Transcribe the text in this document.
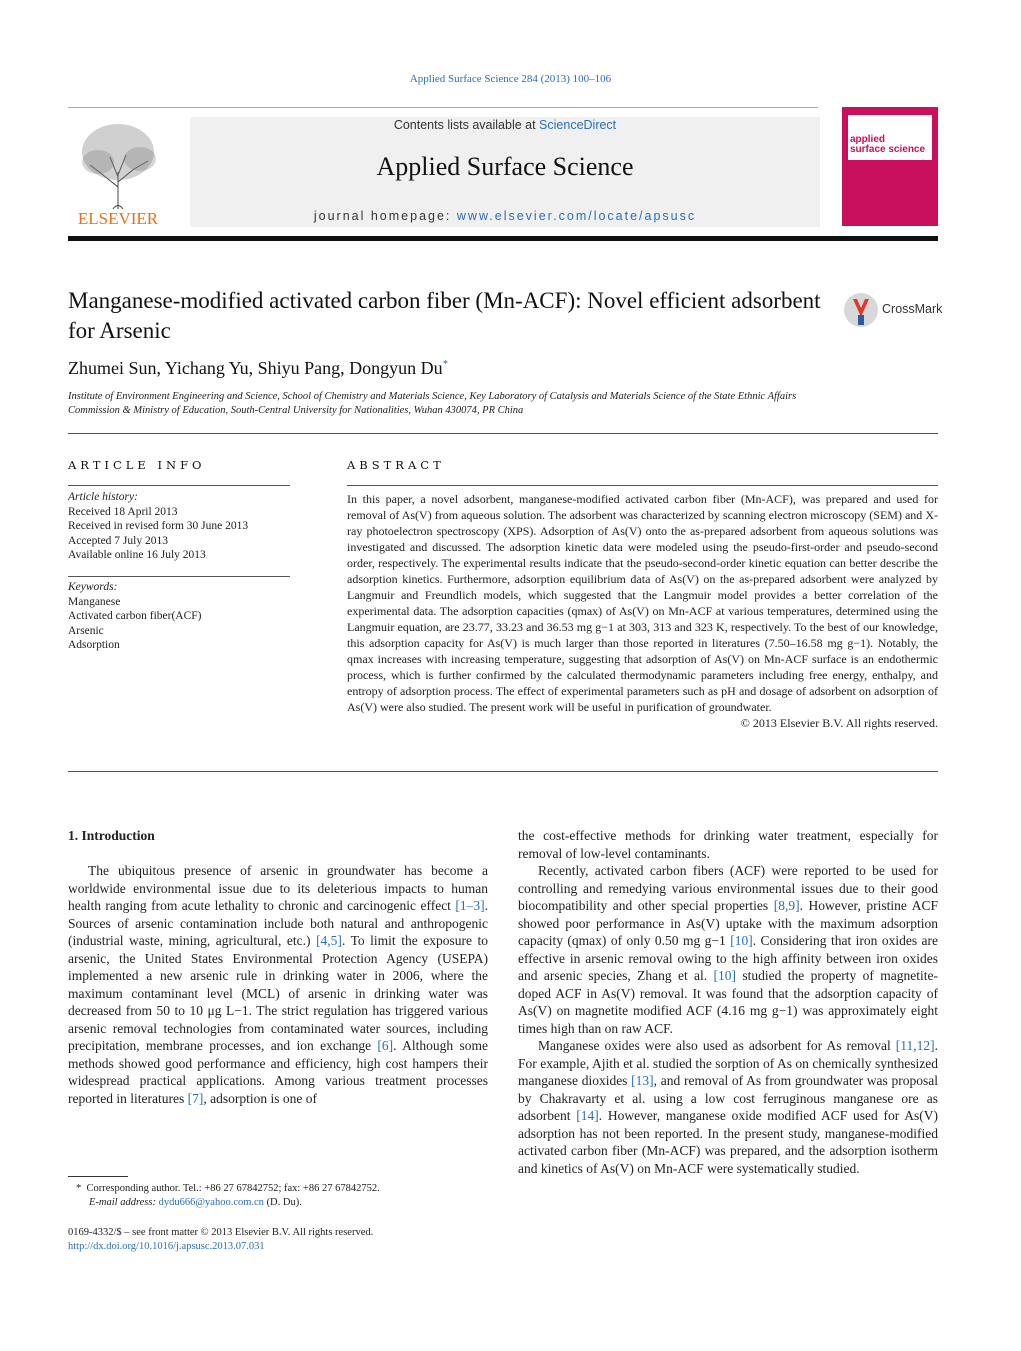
Applied Surface Science 284 (2013) 100–106
ELSEVIER
Contents lists available at ScienceDirect
Applied Surface Science
journal homepage: www.elsevier.com/locate/apsusc
applied
surface science
Manganese-modified activated carbon fiber (Mn-ACF): Novel efficient adsorbent for Arsenic
CrossMark
Zhumei Sun, Yichang Yu, Shiyu Pang, Dongyun Du*
Institute of Environment Engineering and Science, School of Chemistry and Materials Science, Key Laboratory of Catalysis and Materials Science of the State Ethnic Affairs Commission & Ministry of Education, South-Central University for Nationalities, Wuhan 430074, PR China
ARTICLE INFO
Article history:
Received 18 April 2013
Received in revised form 30 June 2013
Accepted 7 July 2013
Available online 16 July 2013
Keywords:
Manganese
Activated carbon fiber(ACF)
Arsenic
Adsorption
ABSTRACT
In this paper, a novel adsorbent, manganese-modified activated carbon fiber (Mn-ACF), was prepared and used for removal of As(V) from aqueous solution. The adsorbent was characterized by scanning electron microscopy (SEM) and X-ray photoelectron spectroscopy (XPS). Adsorption of As(V) onto the as-prepared adsorbent from aqueous solutions was investigated and discussed. The adsorption kinetic data were modeled using the pseudo-first-order and pseudo-second order, respectively. The experimental results indicate that the pseudo-second-order kinetic equation can better describe the adsorption kinetics. Furthermore, adsorption equilibrium data of As(V) on the as-prepared adsorbent were analyzed by Langmuir and Freundlich models, which suggested that the Langmuir model provides a better correlation of the experimental data. The adsorption capacities (qmax) of As(V) on Mn-ACF at various temperatures, determined using the Langmuir equation, are 23.77, 33.23 and 36.53 mg g−1 at 303, 313 and 323 K, respectively. To the best of our knowledge, this adsorption capacity for As(V) is much larger than those reported in literatures (7.50–16.58 mg g−1). Notably, the qmax increases with increasing temperature, suggesting that adsorption of As(V) on Mn-ACF surface is an endothermic process, which is further confirmed by the calculated thermodynamic parameters including free energy, enthalpy, and entropy of adsorption process. The effect of experimental parameters such as pH and dosage of adsorbent on adsorption of As(V) were also studied. The present work will be useful in purification of groundwater.
© 2013 Elsevier B.V. All rights reserved.
1. Introduction

The ubiquitous presence of arsenic in groundwater has become a worldwide environmental issue due to its deleterious impacts to human health ranging from acute lethality to chronic and carcinogenic effect [1–3]. Sources of arsenic contamination include both natural and anthropogenic (industrial waste, mining, agricultural, etc.) [4,5]. To limit the exposure to arsenic, the United States Environmental Protection Agency (USEPA) implemented a new arsenic rule in drinking water in 2006, where the maximum contaminant level (MCL) of arsenic in drinking water was decreased from 50 to 10 μg L−1. The strict regulation has triggered various arsenic removal technologies from contaminated water sources, including precipitation, membrane processes, and ion exchange [6]. Although some methods showed good performance and efficiency, high cost hampers their widespread practical applications. Among various treatment processes reported in literatures [7], adsorption is one of

the cost-effective methods for drinking water treatment, especially for removal of low-level contaminants.

Recently, activated carbon fibers (ACF) were reported to be used for controlling and remedying various environmental issues due to their good biocompatibility and other special properties [8,9]. However, pristine ACF showed poor performance in As(V) uptake with the maximum adsorption capacity (qmax) of only 0.50 mg g−1 [10]. Considering that iron oxides are effective in arsenic removal owing to the high affinity between iron oxides and arsenic species, Zhang et al. [10] studied the property of magnetite-doped ACF in As(V) removal. It was found that the adsorption capacity of As(V) on magnetite modified ACF (4.16 mg g−1) was approximately eight times high than on raw ACF.

Manganese oxides were also used as adsorbent for As removal [11,12]. For example, Ajith et al. studied the sorption of As on chemically synthesized manganese dioxides [13], and removal of As from groundwater was proposal by Chakravarty et al. using a low cost ferruginous manganese ore as adsorbent [14]. However, manganese oxide modified ACF used for As(V) adsorption has not been reported. In the present study, manganese-modified activated carbon fiber (Mn-ACF) was prepared, and the adsorption isotherm and kinetics of As(V) on Mn-ACF were systematically studied.

* Corresponding author. Tel.: +86 27 67842752; fax: +86 27 67842752.
E-mail address: dydu666@yahoo.com.cn (D. Du).
0169-4332/$ – see front matter © 2013 Elsevier B.V. All rights reserved.
http://dx.doi.org/10.1016/j.apsusc.2013.07.031
